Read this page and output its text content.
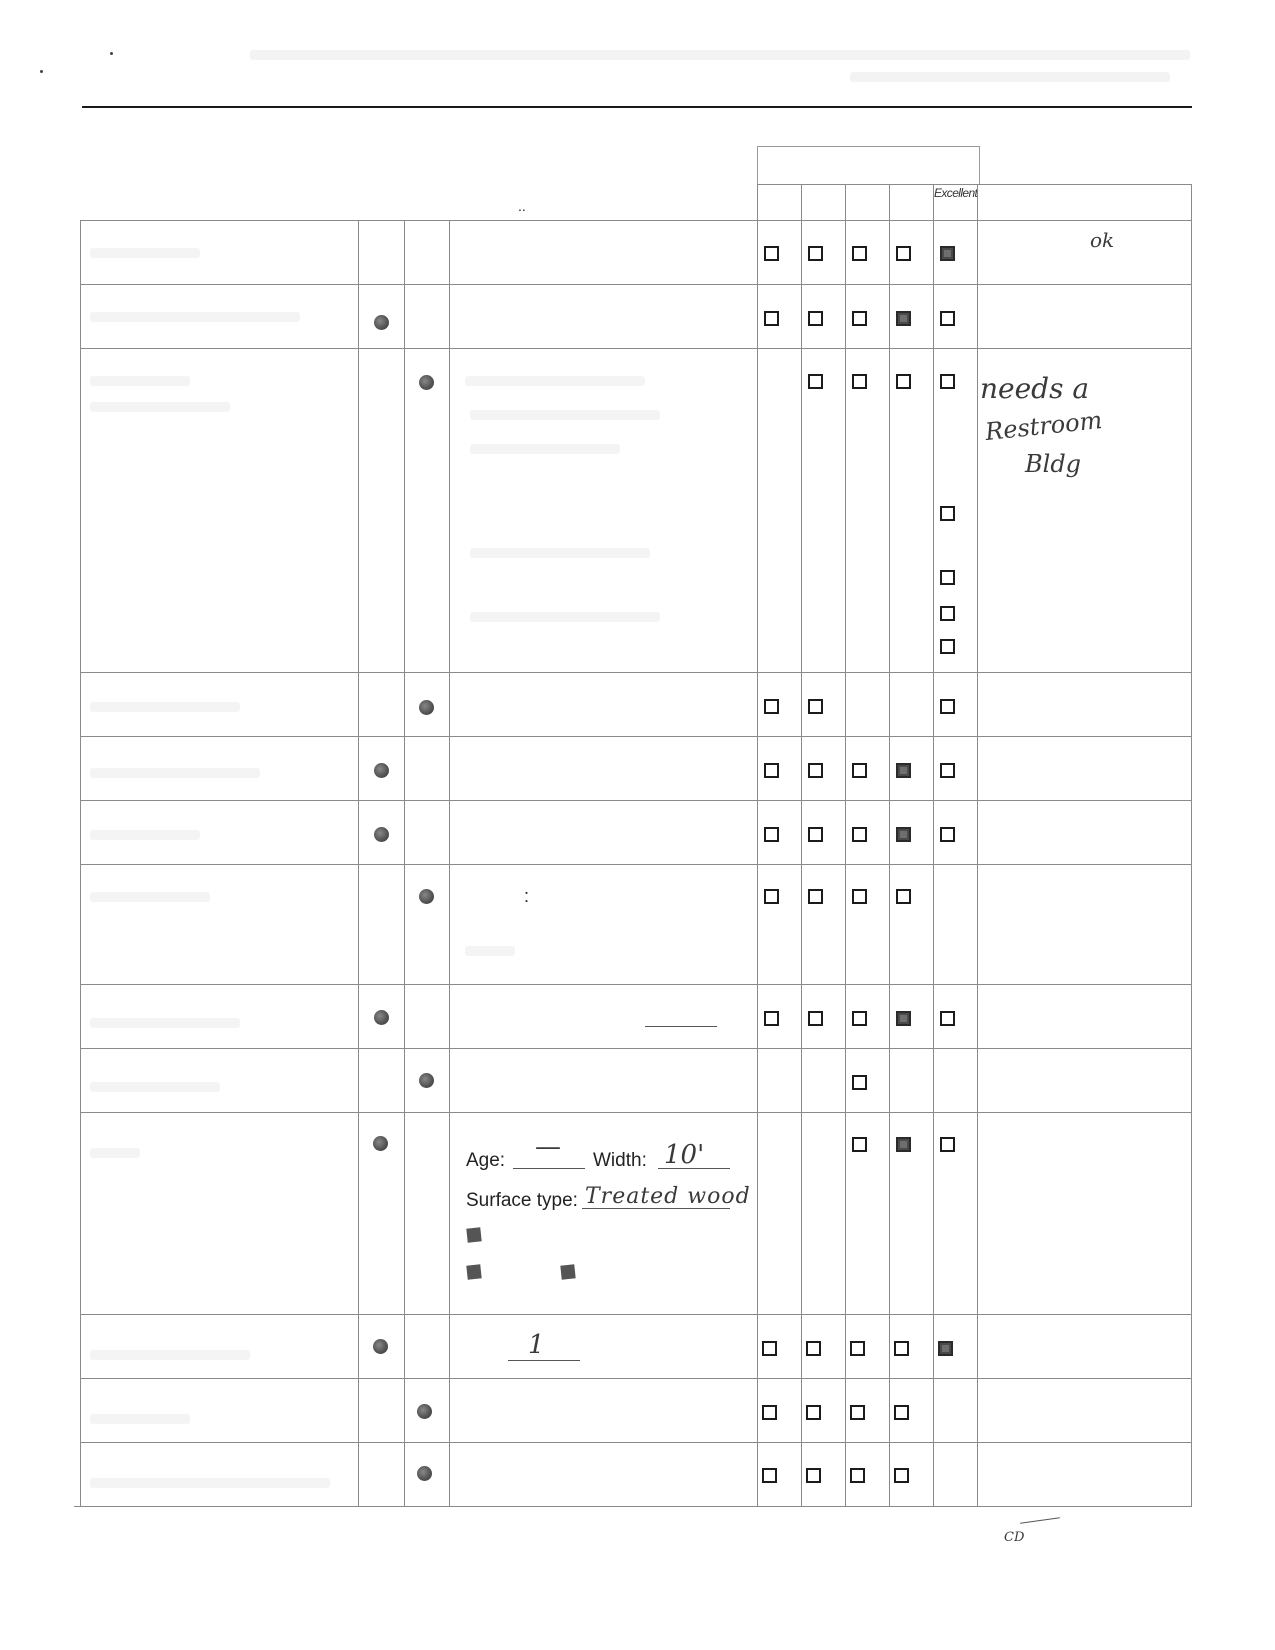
Excellent
..
:
Age: — Width: 10'
Surface type: Treated wood
1
ok
needs a
Restroom
Bldg
CD
